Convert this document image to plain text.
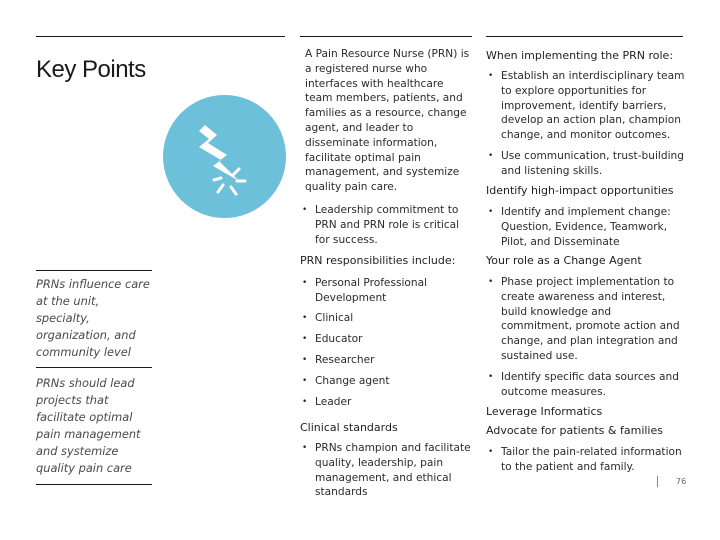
Key Points
PRNs influence care at the unit, specialty, organization, and community level
PRNs should lead projects that facilitate optimal pain management and systemize quality pain care

A Pain Resource Nurse (PRN) is a registered nurse who interfaces with healthcare team members, patients, and families as a resource, change agent, and leader to disseminate information, facilitate optimal pain management, and systemize quality pain care.

• Leadership commitment to PRN and PRN role is critical for success.

PRN responsibilities include:

• Personal Professional Development

• Clinical

• Educator

• Researcher

• Change agent

• Leader

Clinical standards

• PRNs champion and facilitate quality, leadership, pain management, and ethical standards

When implementing the PRN role:

• Establish an interdisciplinary team to explore opportunities for improvement, identify barriers, develop an action plan, champion change, and monitor outcomes.

• Use communication, trust-building and listening skills.

Identify high-impact opportunities

• Identify and implement change: Question, Evidence, Teamwork, Pilot, and Disseminate

Your role as a Change Agent

• Phase project implementation to create awareness and interest, build knowledge and commitment, promote action and change, and plan integration and sustained use.

• Identify specific data sources and outcome measures.

Leverage Informatics

Advocate for patients & families

• Tailor the pain-related information to the patient and family.

76
